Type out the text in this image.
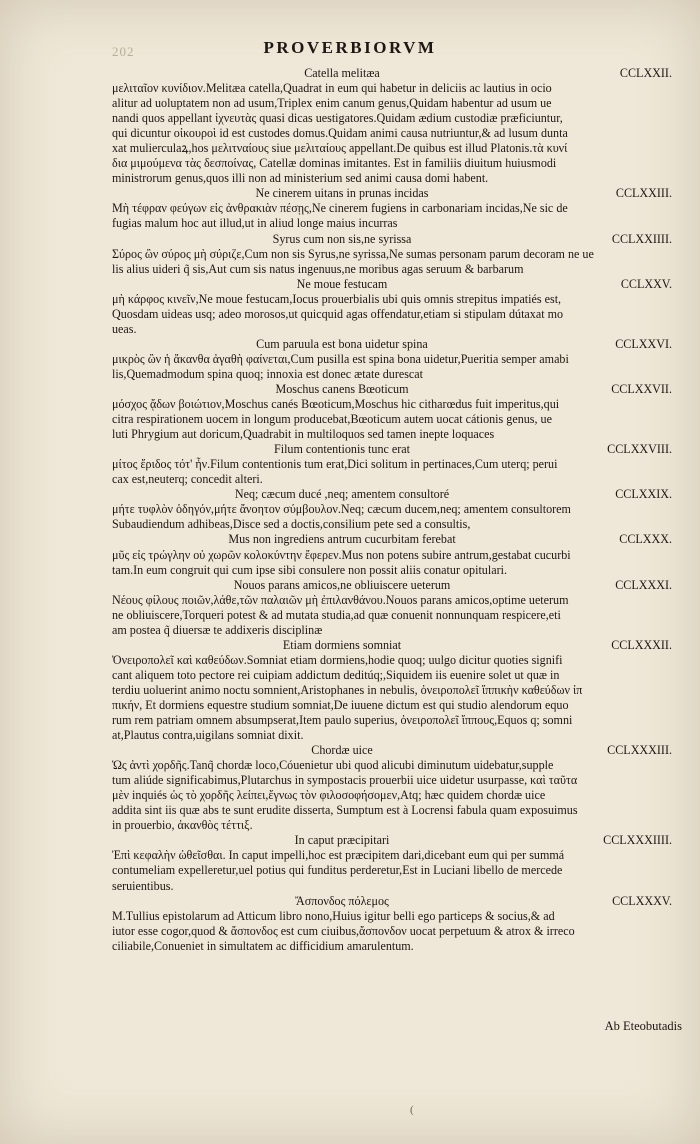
202	PROVERBIORVM
Catella melitæa	CCLXXII.
μελιταῖον κυνίδιον.Melitæa catella,Quadrat in eum qui habetur in deliciis ac lautius in ocio
alitur ad uoluptatem non ad usum,Triplex enim canum genus,Quidam habentur ad usum ue
nandi quos appellant ἰχνευτὰς quasi dicas uestigatores.Quidam ædium custodiæ præficiuntur,
qui dicuntur οἰκουροὶ id est custodes domus.Quidam animi causa nutriuntur,& ad lusum dunta
xat mulierculaꝝ,hos μελιτναίους siue μελιταίους appellant.De quibus est illud Platonis.τὰ κυνί
δια μιμούμενα τὰς δεσποίνας, Catellæ dominas imitantes. Est in familiis diuitum huiusmodi
ministrorum genus,quos illi non ad ministerium sed animi causa domi habent.
Ne cinerem uitans in prunas incidas	CCLXXIII.
Μὴ τέφραν φεύγων εἰς ἀνθρακιὰν πέσῃς,Ne cinerem fugiens in carbonariam incidas,Ne sic de
fugias malum hoc aut illud,ut in aliud longe maius incurras
Syrus cum non sis,ne syrissa	CCLXXIIII.
Σύρος ὢν σύρος μὴ σύριζε,Cum non sis Syrus,ne syrissa,Ne sumas personam parum decoram ne ue
lis alius uideri q̃ sis,Aut cum sis natus ingenuus,ne moribus agas seruum & barbarum
Ne moue festucam	CCLXXV.
μὴ κάρφος κινεῖν,Ne moue festucam,Iocus prouerbialis ubi quis omnis strepitus impatiés est,
Quosdam uideas usq; adeo morosos,ut quicquid agas offendatur,etiam si stipulam dútaxat mo
ueas.
Cum paruula est bona uidetur spina	CCLXXVI.
μικρὸς ὢν ἡ ἄκανθα ἀγαθὴ φαίνεται,Cum pusilla est spina bona uidetur,Pueritia semper amabi
lis,Quemadmodum spina quoq; innoxia est donec ætate durescat
Moschus canens Bœoticum	CCLXXVII.
μόσχος ᾄδων βοιώτιον,Moschus canés Bœoticum,Moschus hic citharœdus fuit imperitus,qui
citra respirationem uocem in longum producebat,Bœoticum autem uocat cátionis genus, ue
luti Phrygium aut doricum,Quadrabit in multiloquos sed tamen inepte loquaces
Filum contentionis tunc erat	CCLXXVIII.
μίτος ἔριδος τότ' ἦν.Filum contentionis tum erat,Dici solitum in pertinaces,Cum uterq; perui
cax est,neuterq; concedit alteri.
Neq; cæcum ducé ,neq; amentem consultoré	CCLXXIX.
μήτε τυφλὸν ὁδηγόν,μήτε ἄνοητον σύμβουλον.Neq; cæcum ducem,neq; amentem consultorem
Subaudiendum adhibeas,Disce sed a doctis,consilium pete sed a consultis,
Mus non ingrediens antrum cucurbitam ferebat	CCLXXX.
μῦς εἰς τρώγλην οὐ χωρῶν κολοκύντην ἔφερεν.Mus non potens subire antrum,gestabat cucurbi
tam.In eum congruit qui cum ipse sibi consulere non possit aliis conatur opitulari.
Nouos parans amicos,ne obliuiscere ueterum	CCLXXXI.
Νέους φίλους ποιῶν,λάθε,τῶν παλαιῶν μὴ ἐπιλανθάνου.Nouos parans amicos,optime ueterum
ne obliuiscere,Torqueri potest & ad mutata studia,ad quæ conuenit nonnunquam respicere,eti
am postea q̃ diuersæ te addixeris disciplinæ
Etiam dormiens somniat	CCLXXXII.
Ὀνειροπολεῖ καὶ καθεύδων.Somniat etiam dormiens,hodie quoq; uulgo dicitur quoties signifi
cant aliquem toto pectore rei cuipiam addictum deditúq;,Siquidem iis euenire solet ut quæ in
terdiu uoluerint animo noctu somnient,Aristophanes in nebulis, ὀνειροπολεῖ ἵππικὴν καθεύδων ἰπ
πικήν, Et dormiens equestre studium somniat,De iuuene dictum est qui studio alendorum equo
rum rem patriam omnem absumpserat,Item paulo superius, ὀνειροπολεῖ ἵππους,Equos q; somni
at,Plautus contra,uigilans somniat dixit.
Chordæ uice	CCLXXXIII.
Ὡς ἀντὶ χορδῆς.Tanq̃ chordæ loco,Cóuenietur ubi quod alicubi diminutum uidebatur,supple
tum aliúde significabimus,Plutarchus in sympostacis prouerbii uice uidetur usurpasse, καὶ ταῦτα
μὲν inquiés ὡς τὸ χορδῆς λείπει,ἔγνως τὸν φιλοσοφήσομεν,Atq; hæc quidem chordæ uice
addita sint iis quæ abs te sunt erudite disserta, Sumptum est à Locrensi fabula quam exposuimus
in prouerbio, ἀκανθὸς τέττιξ.
In caput præcipitari	CCLXXXIIII.
Ἐπὶ κεφαλὴν ὠθεῖσθαι. In caput impelli,hoc est præcipitem dari,dicebant eum qui per summá
contumeliam expelleretur,uel potius qui funditus perderetur,Est in Luciani libello de mercede
seruientibus.
Ἄσπονδος πόλεμος	CCLXXXV.
M.Tullius epistolarum ad Atticum libro nono,Huius igitur belli ego particeps & socius,& ad
iutor esse cogor,quod & ἄσπονδος est cum ciuibus,ἄσπονδον uocat perpetuum & atrox & irreco
ciliabile,Conueniet in simultatem ac difficidium amarulentum.
Ab Eteobutadis
(
